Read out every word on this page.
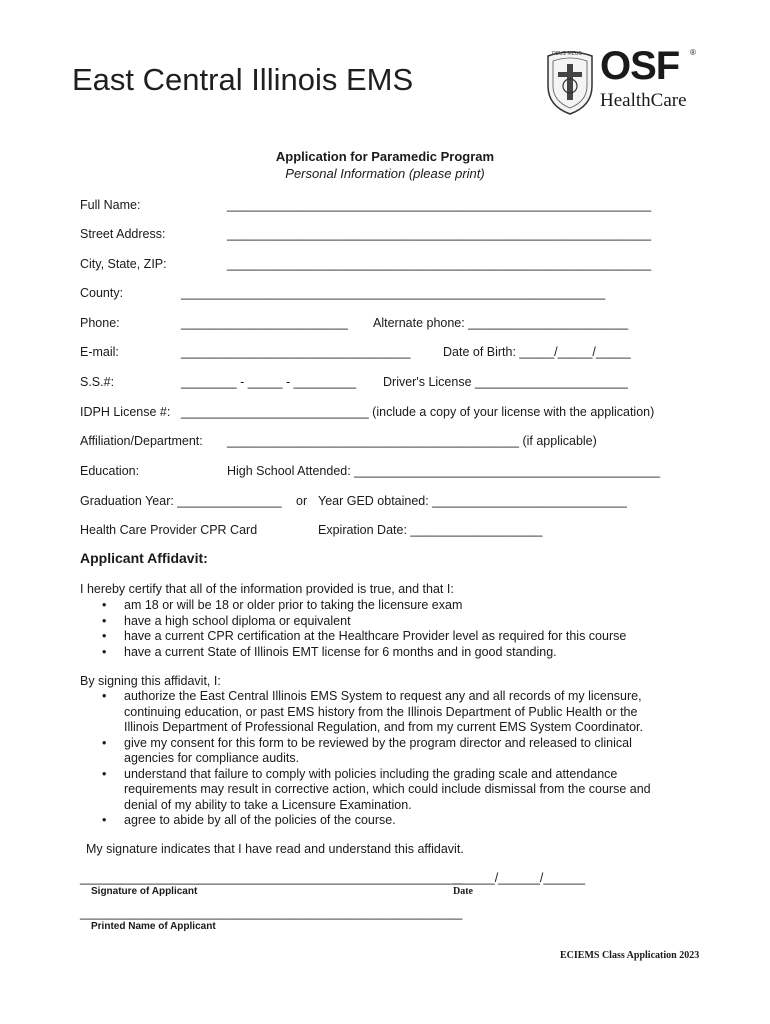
East Central Illinois EMS
DEUS MEUS OSF ®
HealthCare
Application for Paramedic Program
Personal Information (please print)
Full Name:	_____________________________________________________________
Street Address:	_____________________________________________________________
City, State, ZIP:	_____________________________________________________________
County:	_____________________________________________________________
Phone:	________________________ Alternate phone: _______________________
E-mail:	_________________________________	Date of Birth: _____/_____/_____
S.S.#:	________ - _____ - _________ Driver's License ______________________
IDPH License #: ___________________________ (include a copy of your license with the application)
Affiliation/Department: __________________________________________ (if applicable)
Education:	High School Attended: ____________________________________________
Graduation Year: _______________ or Year GED obtained: ____________________________
Health Care Provider CPR Card	Expiration Date: ___________________
Applicant Affidavit:
I hereby certify that all of the information provided is true, and that I:
• am 18 or will be 18 or older prior to taking the licensure exam
• have a high school diploma or equivalent
• have a current CPR certification at the Healthcare Provider level as required for this course
• have a current State of Illinois EMT license for 6 months and in good standing.
By signing this affidavit, I:
• authorize the East Central Illinois EMS System to request any and all records of my licensure, continuing education, or past EMS history from the Illinois Department of Public Health or the Illinois Department of Professional Regulation, and from my current EMS System Coordinator.
• give my consent for this form to be reviewed by the program director and released to clinical agencies for compliance audits.
• understand that failure to comply with policies including the grading scale and attendance requirements may result in corrective action, which could include dismissal from the course and denial of my ability to take a Licensure Examination.
• agree to abide by all of the policies of the course.
My signature indicates that I have read and understand this affidavit.
_______________________________________________________
Signature of Applicant
______/______/______
Date
_______________________________________________________
Printed Name of Applicant
ECIEMS Class Application 2023
